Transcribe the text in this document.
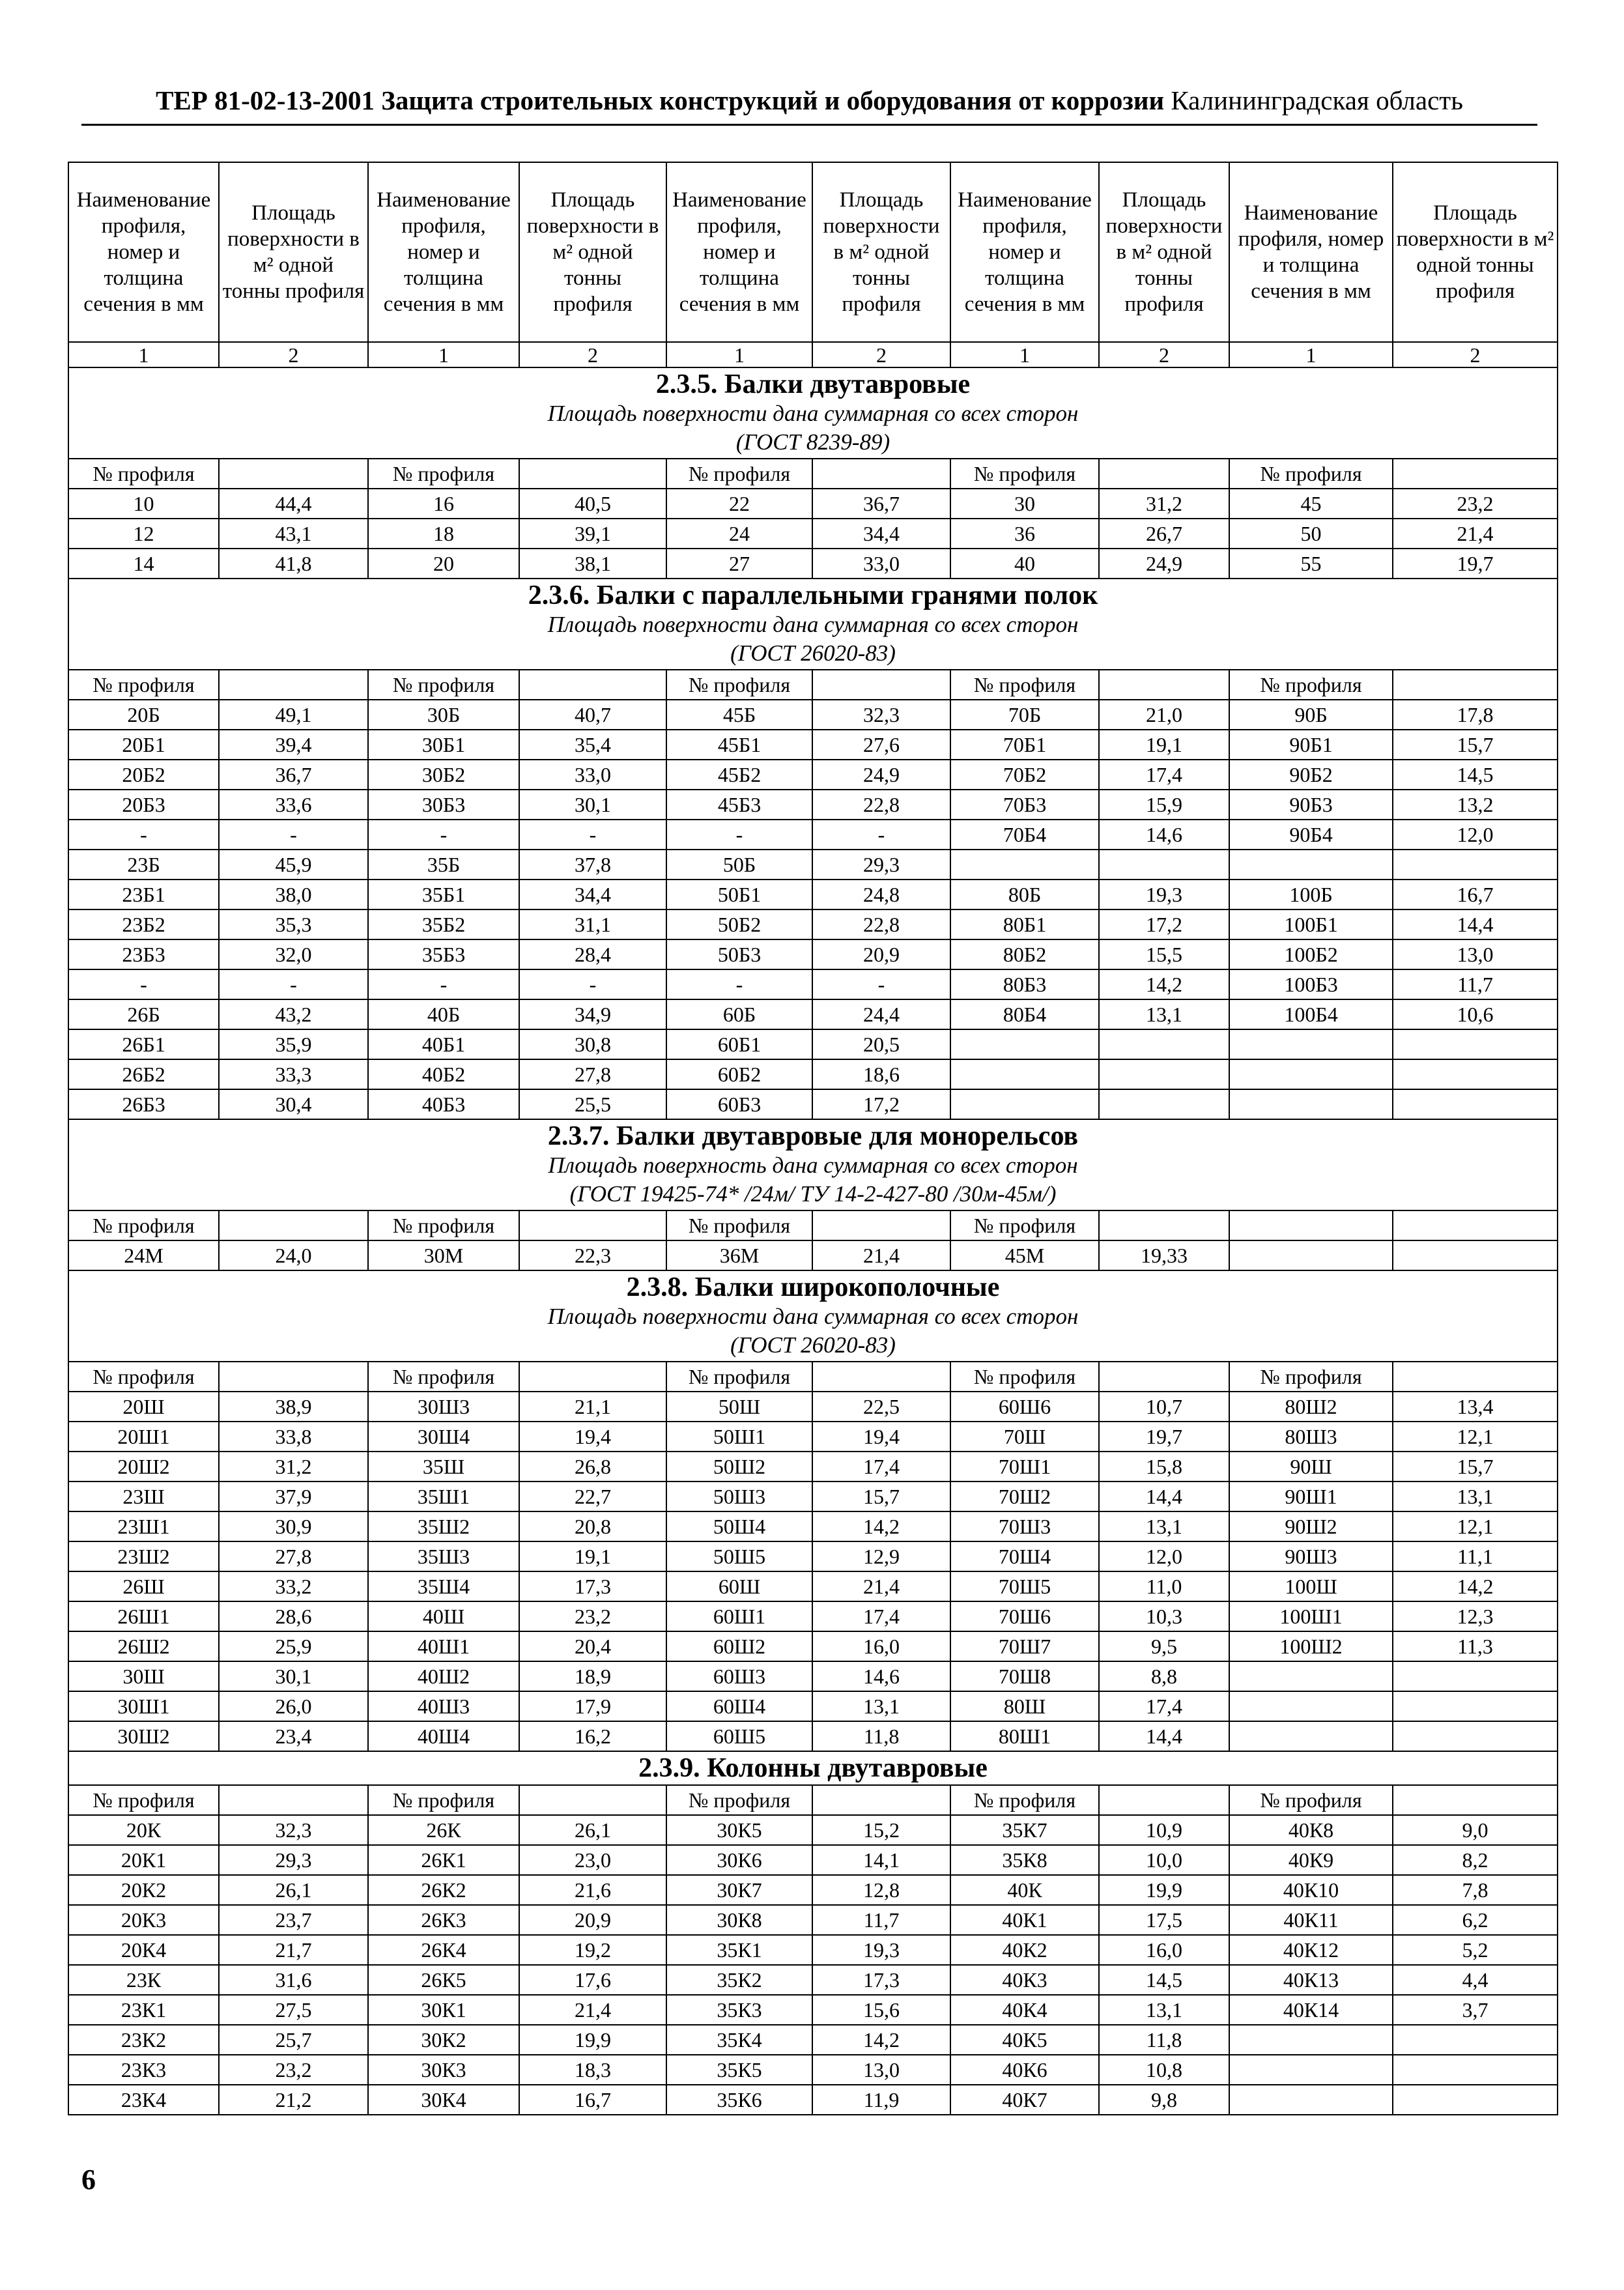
ТЕР 81-02-13-2001 Защита строительных конструкций и оборудования от коррозии Калининградская область
Наименование профиля, номер и толщина сечения в мм	Площадь поверхности в м² одной тонны профиля	Наименование профиля, номер и толщина сечения в мм	Площадь поверхности в м² одной тонны профиля	Наименование профиля, номер и толщина сечения в мм	Площадь поверхности в м² одной тонны профиля	Наименование профиля, номер и толщина сечения в мм	Площадь поверхности в м² одной тонны профиля	Наименование профиля, номер и толщина сечения в мм	Площадь поверхности в м² одной тонны профиля
1	2	1	2	1	2	1	2	1	2

2.3.5. Балки двутавровые
Площадь поверхности дана суммарная со всех сторон
(ГОСТ 8239-89)									

№ профиля		№ профиля		№ профиля		№ профиля		№ профиля	
10	44,4	16	40,5	22	36,7	30	31,2	45	23,2
12	43,1	18	39,1	24	34,4	36	26,7	50	21,4
14	41,8	20	38,1	27	33,0	40	24,9	55	19,7

2.3.6. Балки с параллельными гранями полок
Площадь поверхности дана суммарная со всех сторон
(ГОСТ 26020-83)									

№ профиля		№ профиля		№ профиля		№ профиля		№ профиля	
20Б	49,1	30Б	40,7	45Б	32,3	70Б	21,0	90Б	17,8
20Б1	39,4	30Б1	35,4	45Б1	27,6	70Б1	19,1	90Б1	15,7
20Б2	36,7	30Б2	33,0	45Б2	24,9	70Б2	17,4	90Б2	14,5
20Б3	33,6	30Б3	30,1	45Б3	22,8	70Б3	15,9	90Б3	13,2
-	-	-	-	-	-	70Б4	14,6	90Б4	12,0
23Б	45,9	35Б	37,8	50Б	29,3				
23Б1	38,0	35Б1	34,4	50Б1	24,8	80Б	19,3	100Б	16,7
23Б2	35,3	35Б2	31,1	50Б2	22,8	80Б1	17,2	100Б1	14,4
23Б3	32,0	35Б3	28,4	50Б3	20,9	80Б2	15,5	100Б2	13,0
-	-	-	-	-	-	80Б3	14,2	100Б3	11,7
26Б	43,2	40Б	34,9	60Б	24,4	80Б4	13,1	100Б4	10,6
26Б1	35,9	40Б1	30,8	60Б1	20,5				
26Б2	33,3	40Б2	27,8	60Б2	18,6				
26Б3	30,4	40Б3	25,5	60Б3	17,2				

2.3.7. Балки двутавровые для монорельсов
Площадь поверхность дана суммарная со всех сторон
(ГОСТ 19425-74* /24м/ ТУ 14-2-427-80 /30м-45м/)									

№ профиля		№ профиля		№ профиля		№ профиля			
24М	24,0	30М	22,3	36М	21,4	45М	19,33		

2.3.8. Балки широкополочные
Площадь поверхности дана суммарная со всех сторон
(ГОСТ 26020-83)									

№ профиля		№ профиля		№ профиля		№ профиля		№ профиля	
20Ш	38,9	30Ш3	21,1	50Ш	22,5	60Ш6	10,7	80Ш2	13,4
20Ш1	33,8	30Ш4	19,4	50Ш1	19,4	70Ш	19,7	80Ш3	12,1
20Ш2	31,2	35Ш	26,8	50Ш2	17,4	70Ш1	15,8	90Ш	15,7
23Ш	37,9	35Ш1	22,7	50Ш3	15,7	70Ш2	14,4	90Ш1	13,1
23Ш1	30,9	35Ш2	20,8	50Ш4	14,2	70Ш3	13,1	90Ш2	12,1
23Ш2	27,8	35Ш3	19,1	50Ш5	12,9	70Ш4	12,0	90Ш3	11,1
26Ш	33,2	35Ш4	17,3	60Ш	21,4	70Ш5	11,0	100Ш	14,2
26Ш1	28,6	40Ш	23,2	60Ш1	17,4	70Ш6	10,3	100Ш1	12,3
26Ш2	25,9	40Ш1	20,4	60Ш2	16,0	70Ш7	9,5	100Ш2	11,3
30Ш	30,1	40Ш2	18,9	60Ш3	14,6	70Ш8	8,8		
30Ш1	26,0	40Ш3	17,9	60Ш4	13,1	80Ш	17,4		
30Ш2	23,4	40Ш4	16,2	60Ш5	11,8	80Ш1	14,4		

2.3.9. Колонны двутавровые									

№ профиля		№ профиля		№ профиля		№ профиля		№ профиля	
20К	32,3	26К	26,1	30К5	15,2	35К7	10,9	40К8	9,0
20К1	29,3	26К1	23,0	30К6	14,1	35К8	10,0	40К9	8,2
20К2	26,1	26К2	21,6	30К7	12,8	40К	19,9	40К10	7,8
20К3	23,7	26К3	20,9	30К8	11,7	40К1	17,5	40К11	6,2
20К4	21,7	26К4	19,2	35К1	19,3	40К2	16,0	40К12	5,2
23К	31,6	26К5	17,6	35К2	17,3	40К3	14,5	40К13	4,4
23К1	27,5	30К1	21,4	35К3	15,6	40К4	13,1	40К14	3,7
23К2	25,7	30К2	19,9	35К4	14,2	40К5	11,8		
23К3	23,2	30К3	18,3	35К5	13,0	40К6	10,8		
23К4	21,2	30К4	16,7	35К6	11,9	40К7	9,8		
6
